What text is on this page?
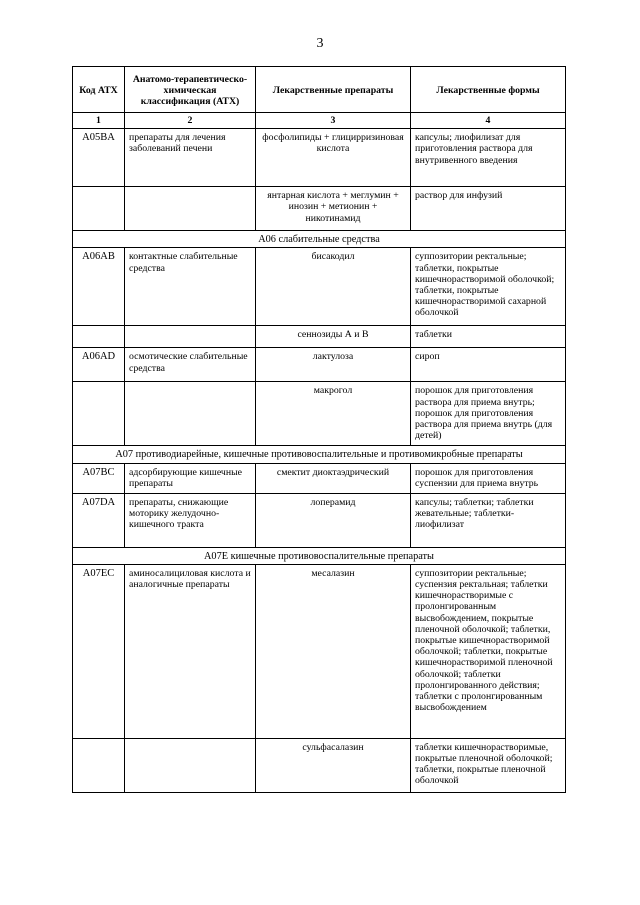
3
Код АТХ	Анатомо-терапевтическо-химическая классификация (АТХ)	Лекарственные препараты	Лекарственные формы
1	2	3	4
A05BA	препараты для лечения заболеваний печени	фосфолипиды + глицирризиновая кислота	капсулы; лиофилизат для приготовления раствора для внутривенного введения
		янтарная кислота + меглумин + инозин + метионин + никотинамид	раствор для инфузий
A06 слабительные средства			
A06AB	контактные слабительные средства	бисакодил	суппозитории ректальные; таблетки, покрытые кишечнорастворимой оболочкой; таблетки, покрытые кишечнорастворимой сахарной оболочкой
		сеннозиды А и В	таблетки
A06AD	осмотические слабительные средства	лактулоза	сироп
		макрогол	порошок для приготовления раствора для приема внутрь; порошок для приготовления раствора для приема внутрь (для детей)
A07 противодиарейные, кишечные противовоспалительные и противомикробные препараты			
A07BC	адсорбирующие кишечные препараты	смектит диоктаэдрический	порошок для приготовления суспензии для приема внутрь
A07DA	препараты, снижающие моторику желудочно-кишечного тракта	лоперамид	капсулы; таблетки; таблетки жевательные; таблетки-лиофилизат
A07E кишечные противовоспалительные препараты			
A07EC	аминосалициловая кислота и аналогичные препараты	месалазин	суппозитории ректальные; суспензия ректальная; таблетки кишечнорастворимые с пролонгированным высвобождением, покрытые пленочной оболочкой; таблетки, покрытые кишечнорастворимой оболочкой; таблетки, покрытые кишечнорастворимой пленочной оболочкой; таблетки пролонгированного действия; таблетки с пролонгированным высвобождением
		сульфасалазин	таблетки кишечнорастворимые, покрытые пленочной оболочкой; таблетки, покрытые пленочной оболочкой
